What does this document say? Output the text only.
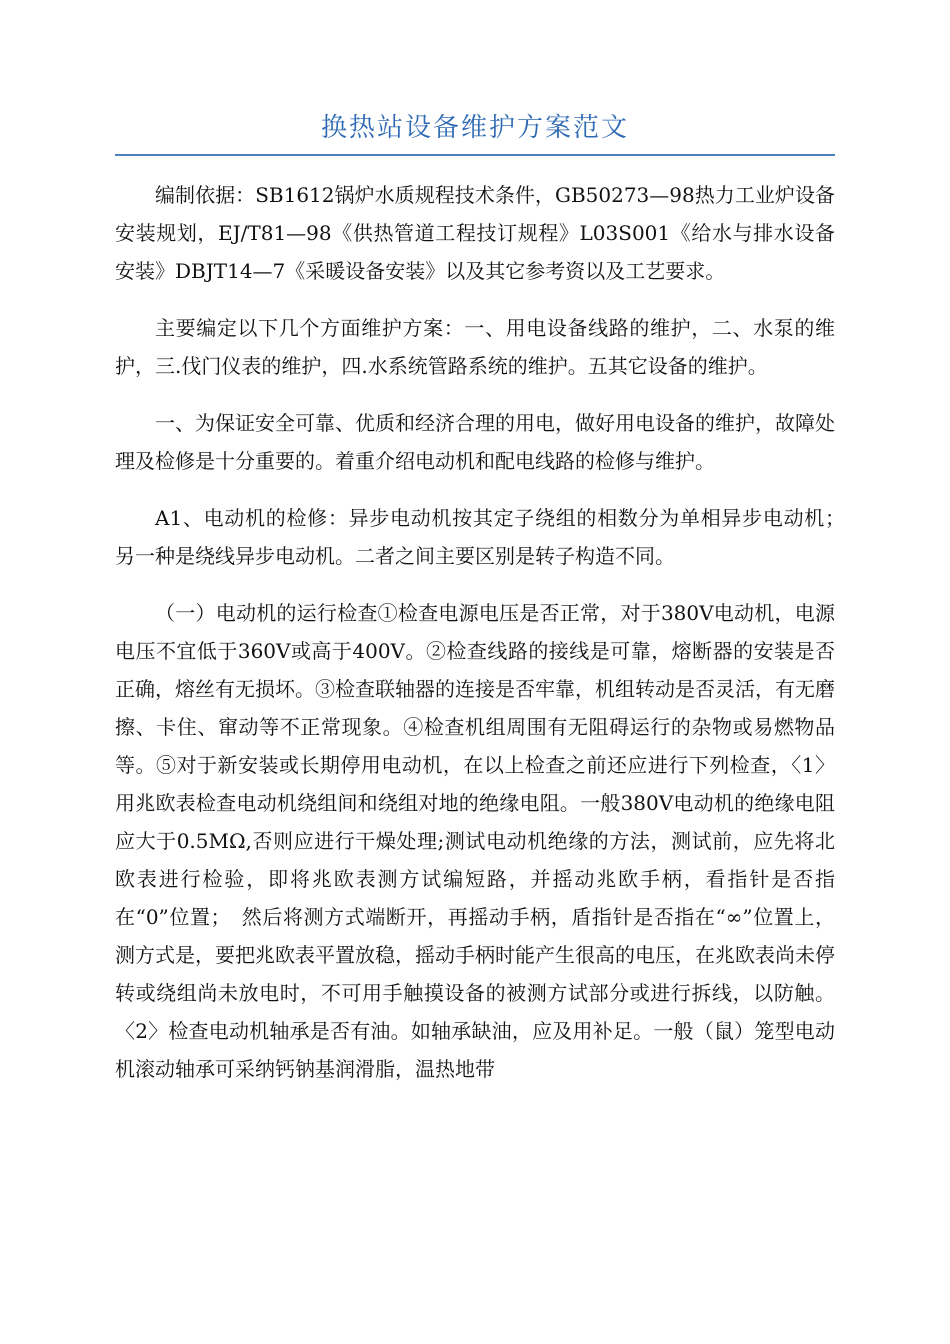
换热站设备维护方案范文

编制依据：SB1612锅炉水质规程技术条件，GB50273—98热力工业炉设备安装规划，EJ/T81—98《供热管道工程技订规程》L03S001《给水与排水设备安装》DBJT14—7《采暖设备安装》以及其它参考资以及工艺要求。

主要编定以下几个方面维护方案：一、用电设备线路的维护，二、水泵的维护，三.伐门仪表的维护，四.水系统管路系统的维护。五其它设备的维护。

一、为保证安全可靠、优质和经济合理的用电，做好用电设备的维护，故障处理及检修是十分重要的。着重介绍电动机和配电线路的检修与维护。

A1、电动机的检修：异步电动机按其定子绕组的相数分为单相异步电动机；　另一种是绕线异步电动机。二者之间主要区别是转子构造不同。

（一）电动机的运行检查①检查电源电压是否正常，对于380V电动机，电源电压不宜低于360V或高于400V。②检查线路的接线是可靠，熔断器的安装是否正确，熔丝有无损坏。③检查联轴器的连接是否牢靠，机组转动是否灵活，有无磨擦、卡住、窜动等不正常现象。④检查机组周围有无阻碍运行的杂物或易燃物品等。⑤对于新安装或长期停用电动机，在以上检查之前还应进行下列检查，〈1〉用兆欧表检查电动机绕组间和绕组对地的绝缘电阻。一般380V电动机的绝缘电阻应大于0.5MΩ,否则应进行干燥处理;测试电动机绝缘的方法，测试前，应先将北欧表进行检验，即将兆欧表测方试编短路，并摇动兆欧手柄，看指针是否指在“0”位置；　然后将测方式端断开，再摇动手柄，盾指针是否指在“∞”位置上，测方式是，要把兆欧表平置放稳，摇动手柄时能产生很高的电压，在兆欧表尚未停转或绕组尚未放电时，不可用手触摸设备的被测方试部分或进行拆线，以防触。〈2〉检查电动机轴承是否有油。如轴承缺油，应及用补足。一般（鼠）笼型电动机滚动轴承可采纳钙钠基润滑脂，温热地带
